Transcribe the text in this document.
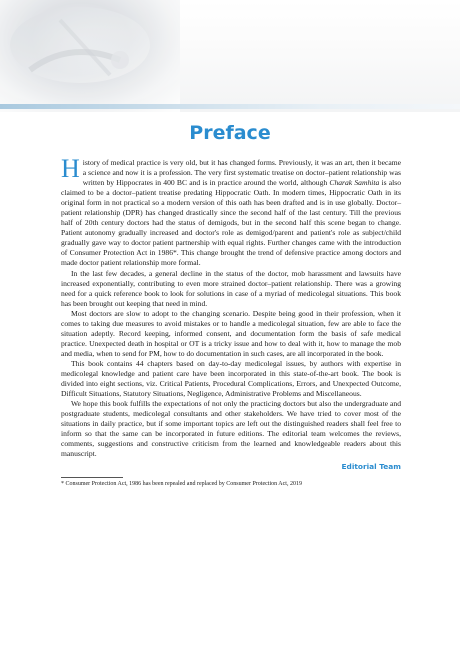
Preface

History of medical practice is very old, but it has changed forms. Previously, it was an art, then it became a science and now it is a profession. The very first systematic treatise on doctor–patient relationship was written by Hippocrates in 400 BC and is in practice around the world, although Charak Samhita is also claimed to be a doctor–patient treatise predating Hippocratic Oath. In modern times, Hippocratic Oath in its original form in not practical so a modern version of this oath has been drafted and is in use globally. Doctor–patient relationship (DPR) has changed drastically since the second half of the last century. Till the previous half of 20th century doctors had the status of demigods, but in the second half this scene began to change. Patient autonomy gradually increased and doctor's role as demigod/parent and patient's role as subject/child gradually gave way to doctor patient partnership with equal rights. Further changes came with the introduction of Consumer Protection Act in 1986*. This change brought the trend of defensive practice among doctors and made doctor patient relationship more formal.

In the last few decades, a general decline in the status of the doctor, mob harassment and lawsuits have increased exponentially, contributing to even more strained doctor–patient relationship. There was a growing need for a quick reference book to look for solutions in case of a myriad of medicolegal situations. This book has been brought out keeping that need in mind.

Most doctors are slow to adopt to the changing scenario. Despite being good in their profession, when it comes to taking due measures to avoid mistakes or to handle a medicolegal situation, few are able to face the situation adeptly. Record keeping, informed consent, and documentation form the basis of safe medical practice. Unexpected death in hospital or OT is a tricky issue and how to deal with it, how to manage the mob and media, when to send for PM, how to do documentation in such cases, are all incorporated in the book.

This book contains 44 chapters based on day-to-day medicolegal issues, by authors with expertise in medicolegal knowledge and patient care have been incorporated in this state-of-the-art book. The book is divided into eight sections, viz. Critical Patients, Procedural Complications, Errors, and Unexpected Outcome, Difficult Situations, Statutory Situations, Negligence, Administrative Problems and Miscellaneous.

We hope this book fulfills the expectations of not only the practicing doctors but also the undergraduate and postgraduate students, medicolegal consultants and other stakeholders. We have tried to cover most of the situations in daily practice, but if some important topics are left out the distinguished readers shall feel free to inform so that the same can be incorporated in future editions. The editorial team welcomes the reviews, comments, suggestions and constructive criticism from the learned and knowledgeable readers about this manuscript.

Editorial Team
* Consumer Protection Act, 1986 has been repealed and replaced by Consumer Protection Act, 2019
